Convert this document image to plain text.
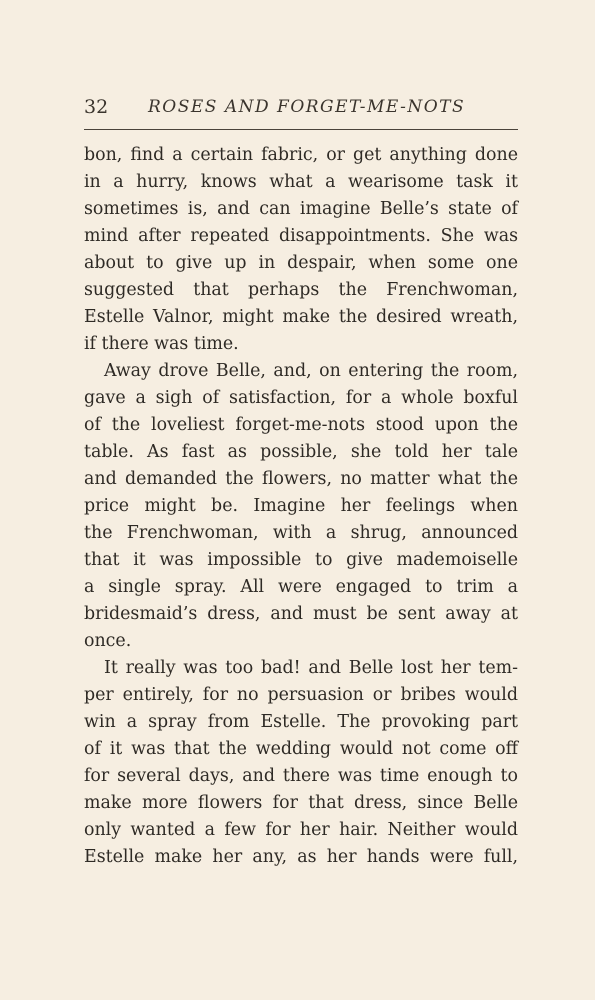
32 ROSES AND FORGET-ME-NOTS
bon, find a certain fabric, or get anything done
in a hurry, knows what a wearisome task it
sometimes is, and can imagine Belle’s state of
mind after repeated disappointments. She was
about to give up in despair, when some one
suggested that perhaps the Frenchwoman,
Estelle Valnor, might make the desired wreath,
if there was time.
Away drove Belle, and, on entering the room,
gave a sigh of satisfaction, for a whole boxful
of the loveliest forget-me-nots stood upon the
table. As fast as possible, she told her tale
and demanded the flowers, no matter what the
price might be. Imagine her feelings when
the Frenchwoman, with a shrug, announced
that it was impossible to give mademoiselle
a single spray. All were engaged to trim a
bridesmaid’s dress, and must be sent away at
once.
It really was too bad! and Belle lost her tem-
per entirely, for no persuasion or bribes would
win a spray from Estelle. The provoking part
of it was that the wedding would not come off
for several days, and there was time enough to
make more flowers for that dress, since Belle
only wanted a few for her hair. Neither would
Estelle make her any, as her hands were full,
